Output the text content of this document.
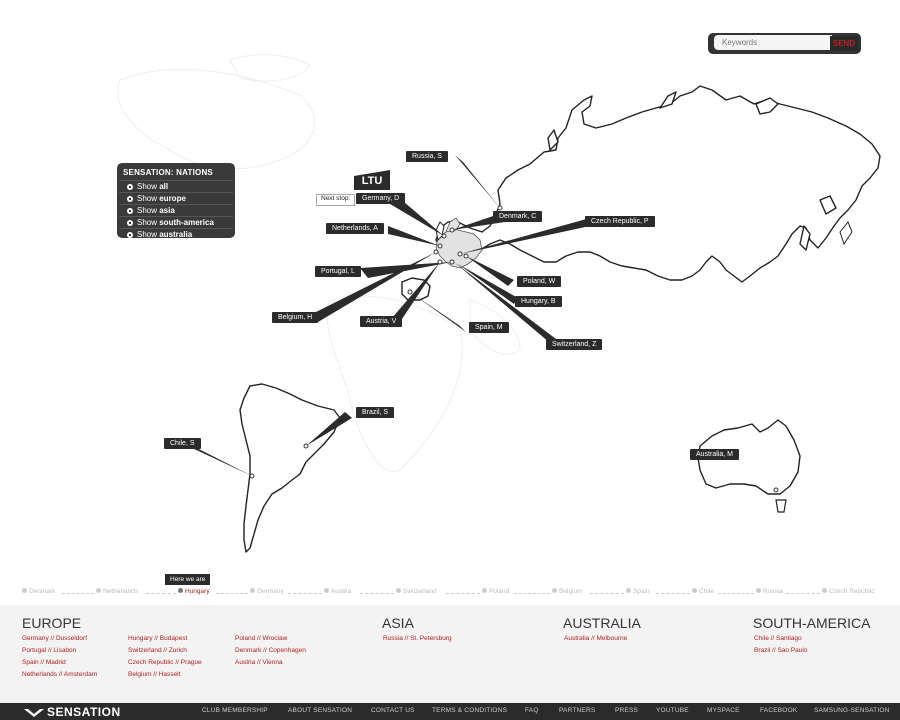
Keywords
SEND
SENSATION: NATIONS
Show all
Show europe
Show asia
Show south-america
Show australia
LTU
Next stop:
Russia, S
Germany, D
Denmark, C
Czech Republic, P
Netherlands, A
Portugal, L
Poland, W
Hungary, B
Belgium, H
Austria, V
Spain, M
Switzerland, Z
Brazil, S
Chile, S
Australia, M
Here we are
Denmark	Netherlands	Hungary	Germany	Austria	Switzerland	Poland	Belgium	Spain	Chile	Russia	Czech Republic
EUROPE
Germany // Dusseldorf
Portugal // Lisabon
Spain // Madrid
Netherlands // Amsterdam
Hungary // Budapest
Switzerland // Zurich
Czech Republic // Prague
Belgium // Hasselt
Poland // Wroclaw
Denmark // Copenhagen
Austria // Vienna
ASIA
Russia // St. Petersburg
AUSTRALIA
Australia // Melbourne
SOUTH-AMERICA
Chile // Santiago
Brazil // Sao Paulo
SENSATION	CLUB MEMBERSHIP	ABOUT SENSATION	CONTACT US	TERMS & CONDITIONS	FAQ	PARTNERS	PRESS	YOUTUBE	MYSPACE	FACEBOOK	SAMSUNG-SENSATION
